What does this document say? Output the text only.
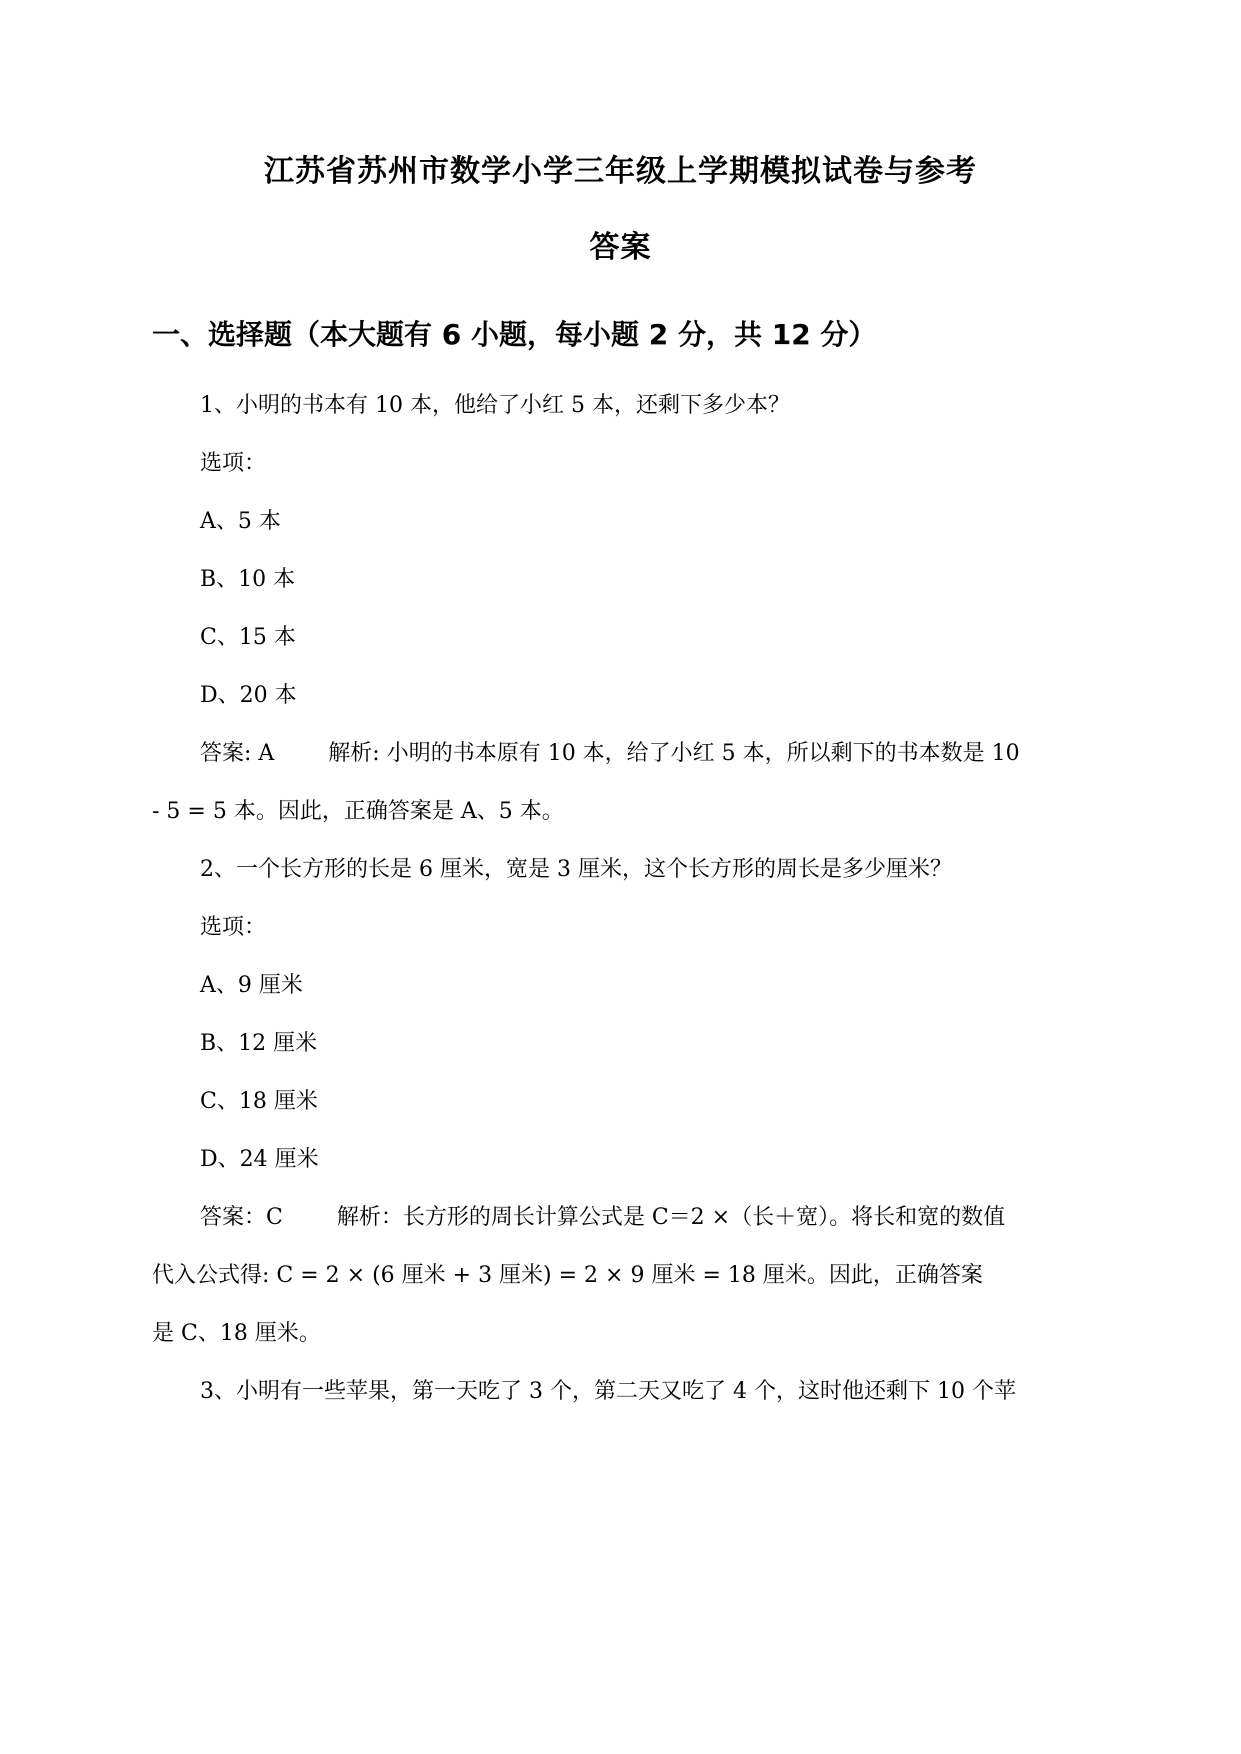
江苏省苏州市数学小学三年级上学期模拟试卷与参考
答案
一、选择题（本大题有 6 小题，每小题 2 分，共 12 分）
1、小明的书本有 10 本，他给了小红 5 本，还剩下多少本？
选项：
A、5 本
B、10 本
C、15 本
D、20 本
答案: A 解析: 小明的书本原有 10 本，给了小红 5 本，所以剩下的书本数是 10
- 5 = 5 本。因此，正确答案是 A、5 本。
2、一个长方形的长是 6 厘米，宽是 3 厘米，这个长方形的周长是多少厘米？
选项：
A、9 厘米
B、12 厘米
C、18 厘米
D、24 厘米
答案：C 解析：长方形的周长计算公式是 C＝2 ×（长＋宽）。将长和宽的数值
代入公式得: C = 2 × (6 厘米 + 3 厘米) = 2 × 9 厘米 = 18 厘米。因此，正确答案
是 C、18 厘米。
3、小明有一些苹果，第一天吃了 3 个，第二天又吃了 4 个，这时他还剩下 10 个苹
